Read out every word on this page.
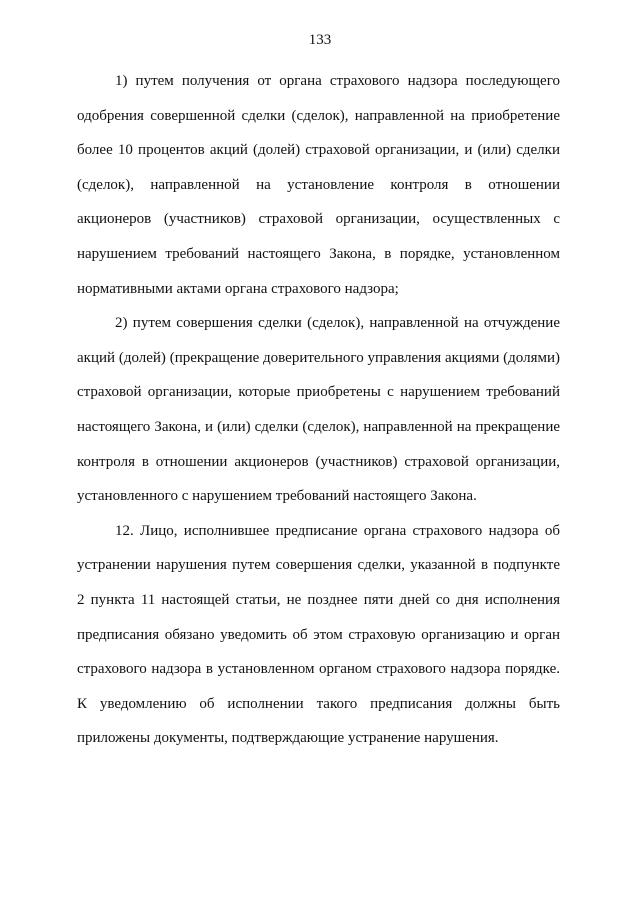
133

1) путем получения от органа страхового надзора последующего одобрения совершенной сделки (сделок), направленной на приобретение более 10 процентов акций (долей) страховой организации, и (или) сделки (сделок), направленной на установление контроля в отношении акционеров (участников) страховой организации, осуществленных с нарушением требований настоящего Закона, в порядке, установленном нормативными актами органа страхового надзора;

2) путем совершения сделки (сделок), направленной на отчуждение акций (долей) (прекращение доверительного управления акциями (долями) страховой организации, которые приобретены с нарушением требований настоящего Закона, и (или) сделки (сделок), направленной на прекращение контроля в отношении акционеров (участников) страховой организации, установленного с нарушением требований настоящего Закона.

12. Лицо, исполнившее предписание органа страхового надзора об устранении нарушения путем совершения сделки, указанной в подпункте 2 пункта 11 настоящей статьи, не позднее пяти дней со дня исполнения предписания обязано уведомить об этом страховую организацию и орган страхового надзора в установленном органом страхового надзора порядке. К уведомлению об исполнении такого предписания должны быть приложены документы, подтверждающие устранение нарушения.
